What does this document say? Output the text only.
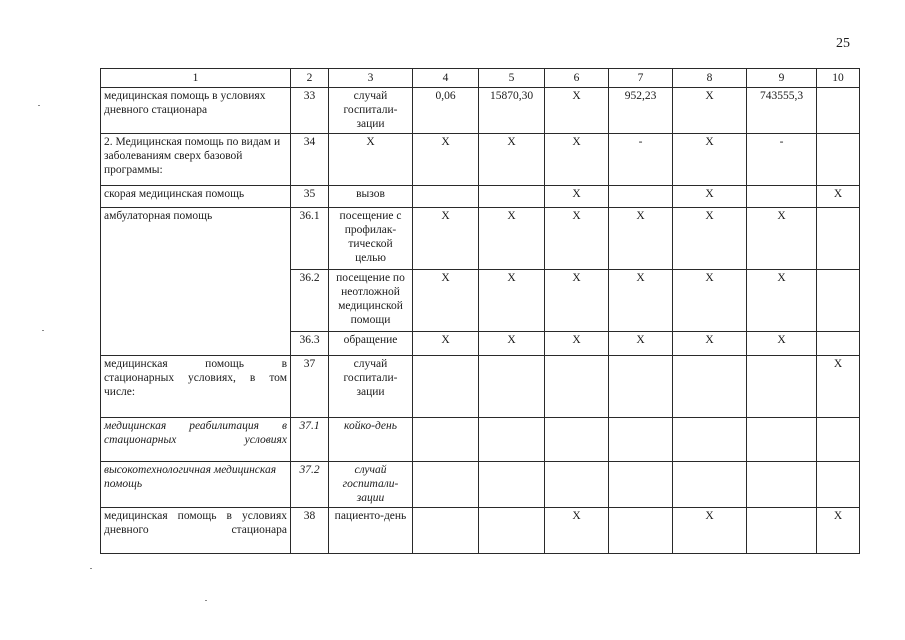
25
1	2	3	4	5	6	7	8	9	10
медицинская помощь в условиях дневного стационара	33	случай госпитали-зации	0,06	15870,30	X	952,23	X	743555,3	
2. Медицинская помощь по видам и заболеваниям сверх базовой программы:	34	X	X	X	X	-	X	-	
скорая медицинская помощь	35	вызов			X		X		X
амбулаторная помощь	36.1	посещение с профилак-тической целью	X	X	X	X	X	X	
	36.2	посещение по неотложной медицинской помощи	X	X	X	X	X	X	
	36.3	обращение	X	X	X	X	X	X	
медицинская помощь в стационарных условиях, в том числе:	37	случай госпитали-зации							X
медицинская реабилитация в стационарных условиях	37.1	койко-день							
высокотехнологичная медицинская помощь	37.2	случай госпитали-зации							
медицинская помощь в условиях дневного стационара	38	пациенто-день			X		X		X
